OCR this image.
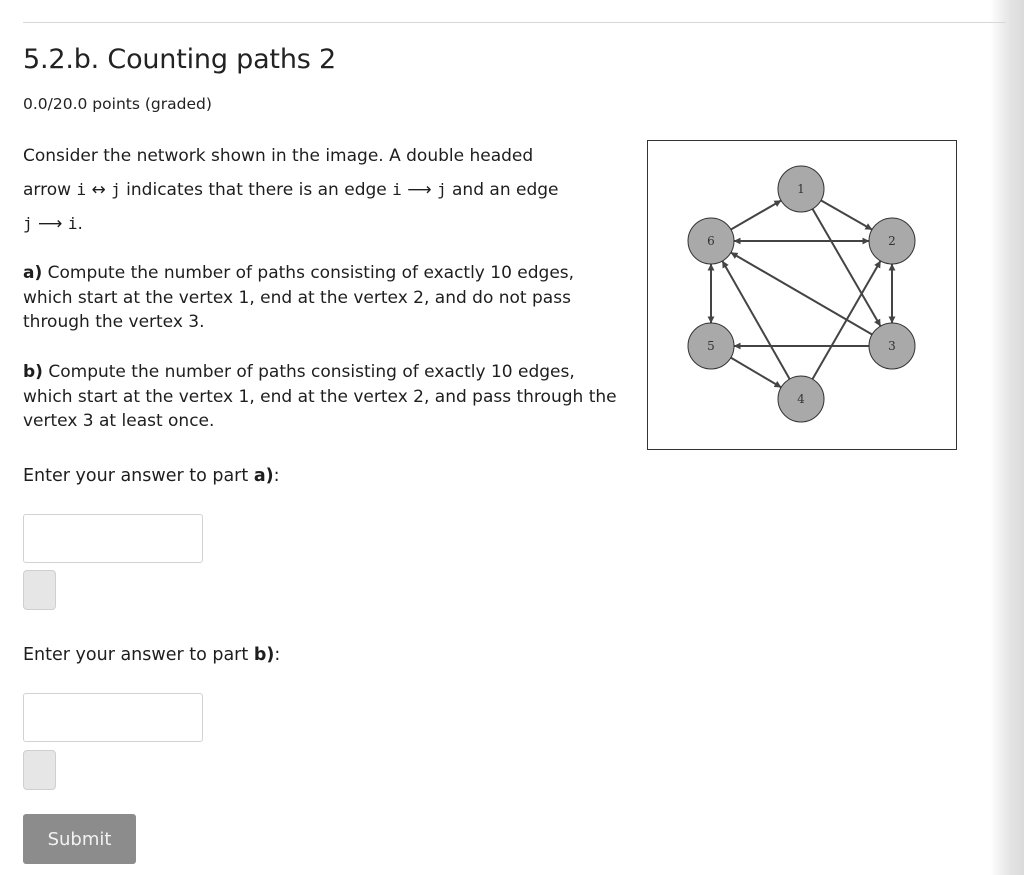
5.2.b. Counting paths 2
0.0/20.0 points (graded)
Consider the network shown in the image. A double headed
arrow i ↔ j indicates that there is an edge i ⟶ j and an edge
j ⟶ i.
a) Compute the number of paths consisting of exactly 10 edges, which start at the vertex 1, end at the vertex 2, and do not pass through the vertex 3.
b) Compute the number of paths consisting of exactly 10 edges, which start at the vertex 1, end at the vertex 2, and pass through the vertex 3 at least once.
1
2
3
4
5
6
Enter your answer to part a):
Enter your answer to part b):
Submit
